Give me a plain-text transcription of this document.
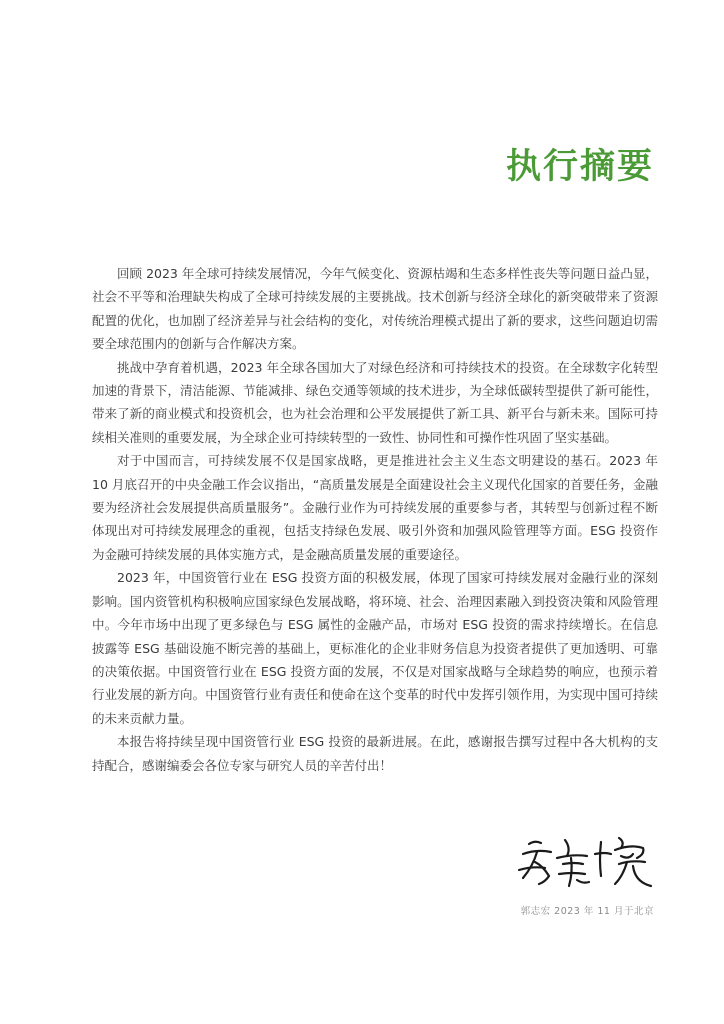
执行摘要

回顾 2023 年全球可持续发展情况，今年气候变化、资源枯竭和生态多样性丧失等问题日益凸显，社会不平等和治理缺失构成了全球可持续发展的主要挑战。技术创新与经济全球化的新突破带来了资源配置的优化，也加剧了经济差异与社会结构的变化，对传统治理模式提出了新的要求，这些问题迫切需要全球范围内的创新与合作解决方案。

挑战中孕育着机遇，2023 年全球各国加大了对绿色经济和可持续技术的投资。在全球数字化转型加速的背景下，清洁能源、节能减排、绿色交通等领域的技术进步，为全球低碳转型提供了新可能性，带来了新的商业模式和投资机会，也为社会治理和公平发展提供了新工具、新平台与新未来。国际可持续相关准则的重要发展，为全球企业可持续转型的一致性、协同性和可操作性巩固了坚实基础。

对于中国而言，可持续发展不仅是国家战略，更是推进社会主义生态文明建设的基石。2023 年 10 月底召开的中央金融工作会议指出，“高质量发展是全面建设社会主义现代化国家的首要任务，金融要为经济社会发展提供高质量服务”。金融行业作为可持续发展的重要参与者，其转型与创新过程不断体现出对可持续发展理念的重视，包括支持绿色发展、吸引外资和加强风险管理等方面。ESG 投资作为金融可持续发展的具体实施方式，是金融高质量发展的重要途径。

2023 年，中国资管行业在 ESG 投资方面的积极发展，体现了国家可持续发展对金融行业的深刻影响。国内资管机构积极响应国家绿色发展战略，将环境、社会、治理因素融入到投资决策和风险管理中。今年市场中出现了更多绿色与 ESG 属性的金融产品，市场对 ESG 投资的需求持续增长。在信息披露等 ESG 基础设施不断完善的基础上，更标准化的企业非财务信息为投资者提供了更加透明、可靠的决策依据。中国资管行业在 ESG 投资方面的发展，不仅是对国家战略与全球趋势的响应，也预示着行业发展的新方向。中国资管行业有责任和使命在这个变革的时代中发挥引领作用，为实现中国可持续的未来贡献力量。

本报告将持续呈现中国资管行业 ESG 投资的最新进展。在此，感谢报告撰写过程中各大机构的支持配合，感谢编委会各位专家与研究人员的辛苦付出！

郭志宏 2023 年 11 月于北京
